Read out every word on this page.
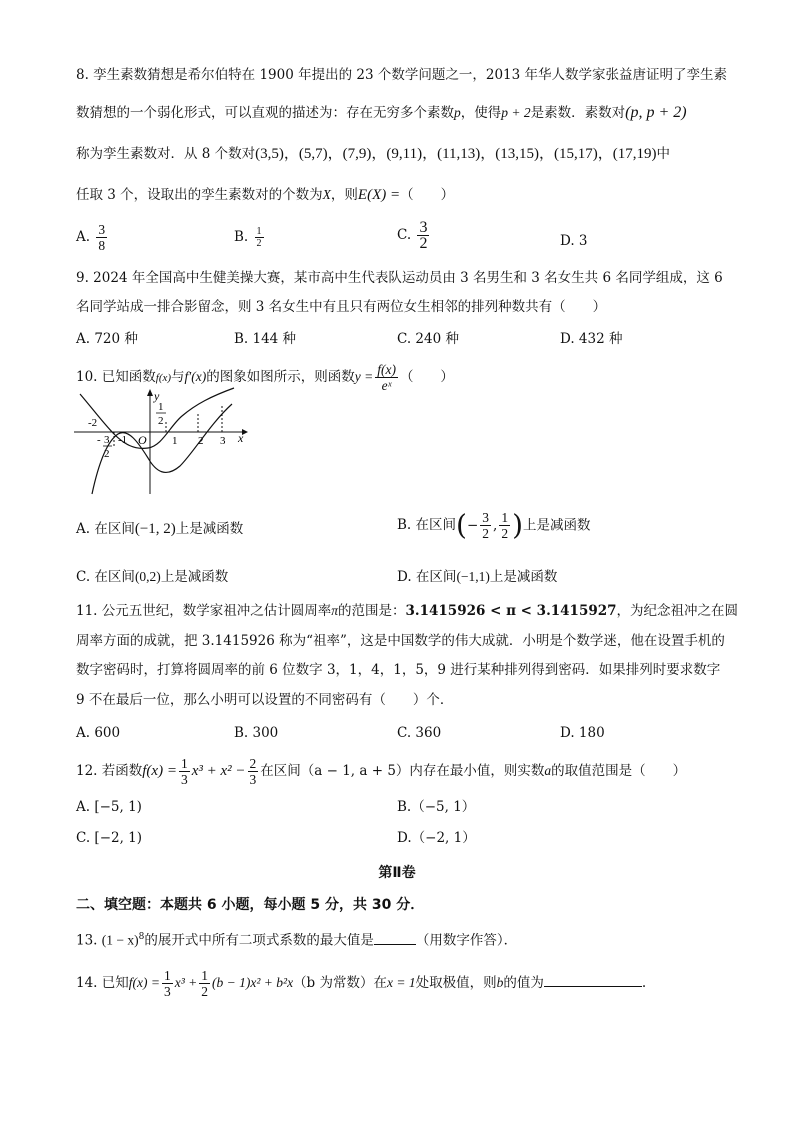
8. 孪生素数猜想是希尔伯特在 1900 年提出的 23 个数学问题之一，2013 年华人数学家张益唐证明了孪生素
数猜想的一个弱化形式，可以直观的描述为：存在无穷多个素数p，使得p + 2是素数．素数对(p, p + 2)
称为孪生素数对．从 8 个数对(3,5)，(5,7)，(7,9)，(9,11)，(11,13)，(13,15)，(15,17)，(17,19)中
任取 3 个，设取出的孪生素数对的个数为X，则E(X) =（　　）
A. $\frac{3}{8}$	B. $\frac{1}{2}$	C. $\frac{3}{2}$	D. 3
9. 2024 年全国高中生健美操大赛，某市高中生代表队运动员由 3 名男生和 3 名女生共 6 名同学组成，这 6
名同学站成一排合影留念，则 3 名女生中有且只有两位女生相邻的排列种数共有（　　）
A. 720 种	B. 144 种	C. 240 种	D. 432 种
10. 已知函数f(x)与f′(x)的图象如图所示，则函数$y = \frac{f(x)}{\text{eˣ}}$ （　　）
y
x
O
-2
-1
3
-
2
1
2
1 2 3
A. 在区间(−1, 2)上是减函数	B. 在区间(− $\frac{3}{2}$ , $\frac{1}{2}$ )上是减函数
C. 在区间(0,2)上是减函数	D. 在区间(−1,1)上是减函数
11. 公元五世纪，数学家祖冲之估计圆周率π的范围是：3.1415926 < π < 3.1415927，为纪念祖冲之在圆
周率方面的成就，把 3.1415926 称为“祖率”，这是中国数学的伟大成就．小明是个数学迷，他在设置手机的
数字密码时，打算将圆周率的前 6 位数字 3，1，4，1，5，9 进行某种排列得到密码．如果排列时要求数字
9 不在最后一位，那么小明可以设置的不同密码有（　　）个．
A. 600	B. 300	C. 360	D. 180
12. 若函数$f(x) = \frac{1}{3} x^3 + x^2 - \frac{2}{3}$ 在区间（a − 1, a + 5）内存在最小值，则实数a的取值范围是（　　）
A. [−5, 1)	B.（−5, 1）
C. [−2, 1)	D.（−2, 1）
第Ⅱ卷
二、填空题：本题共 6 小题，每小题 5 分，共 30 分．
13. $(1 - x)^8$的展开式中所有二项式系数的最大值是	（用数字作答）．
14. 已知$f(x) = \frac{1}{3} x^3 + \frac{1}{2} (b - 1)x^2 + b^2x(b$ 为常数）在x = 1处取极值，则b的值为	.
